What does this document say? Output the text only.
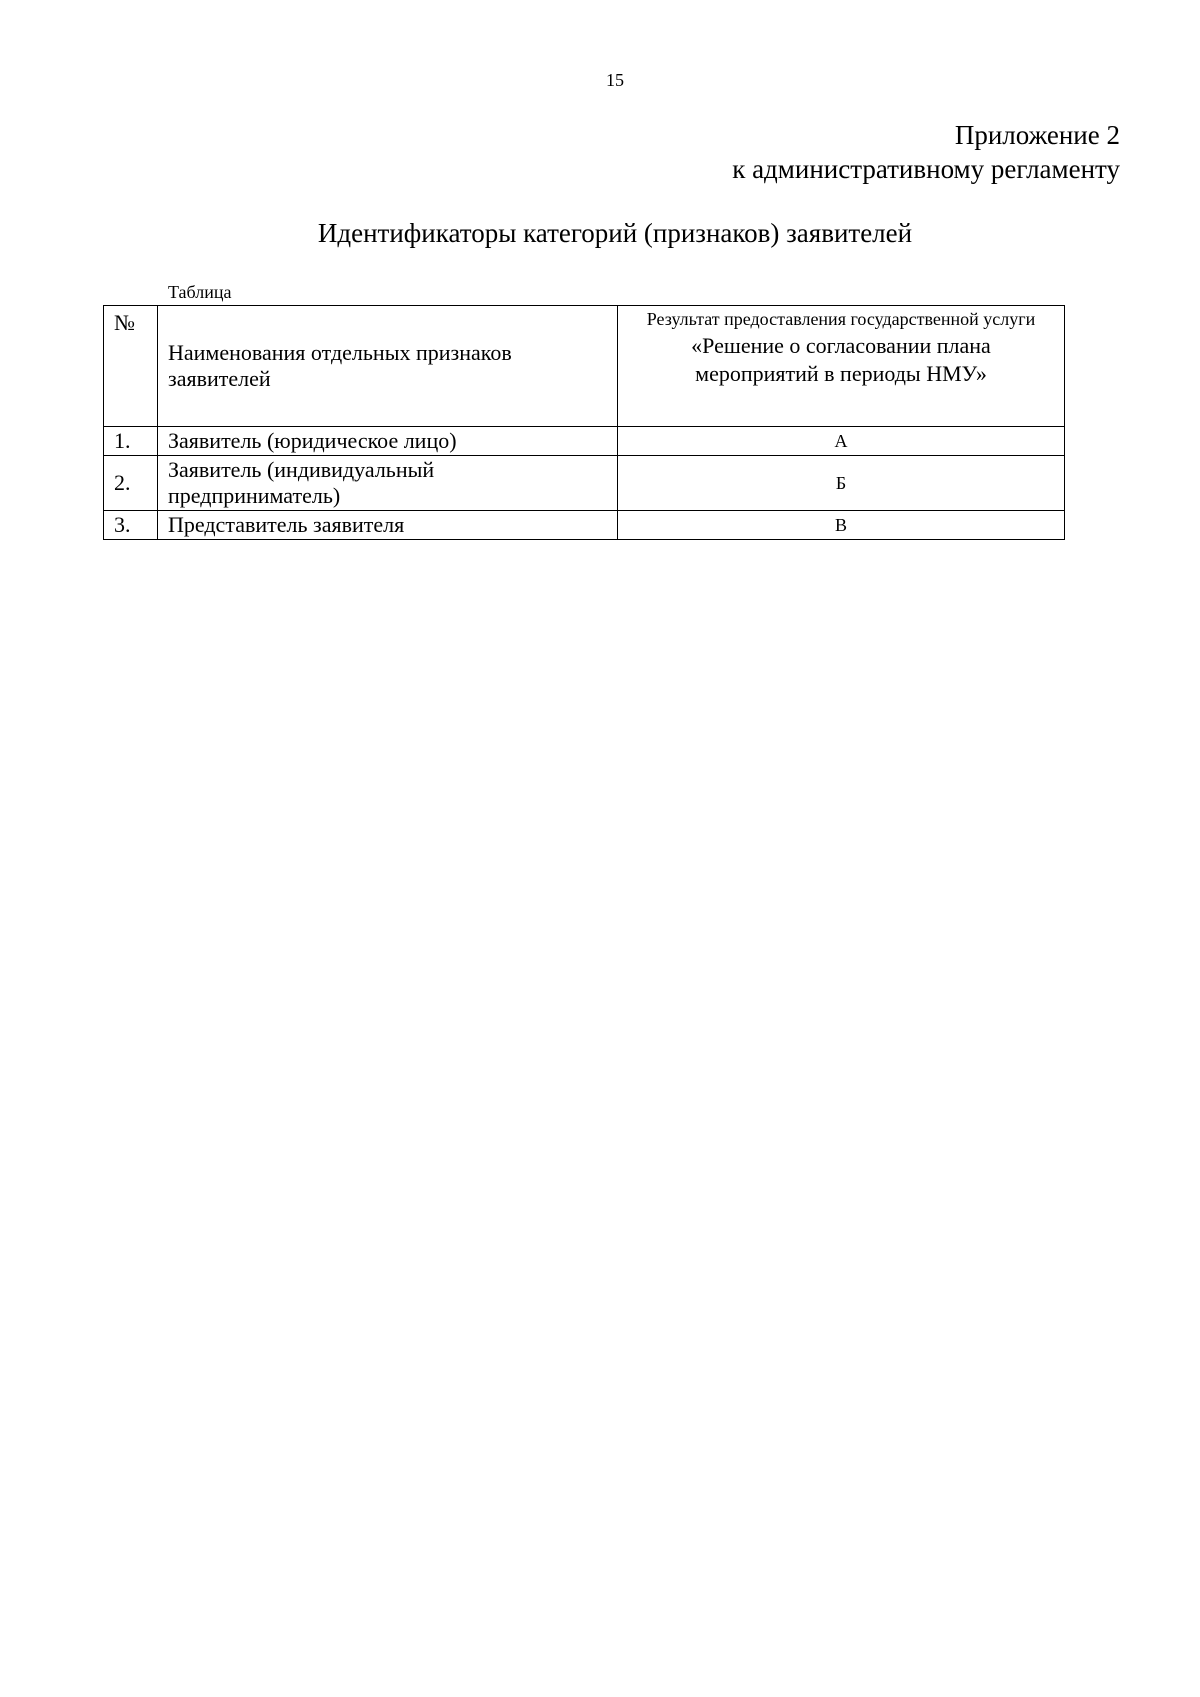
15
Приложение 2
к административному регламенту
Идентификаторы категорий (признаков) заявителей
Таблица
№	Наименования отдельных признаков заявителей	Результат предоставления государственной услуги
«Решение о согласовании плана мероприятий в периоды НМУ»

1.	Заявитель (юридическое лицо)	А
2.	Заявитель (индивидуальный предприниматель)	Б
3.	Представитель заявителя	В
